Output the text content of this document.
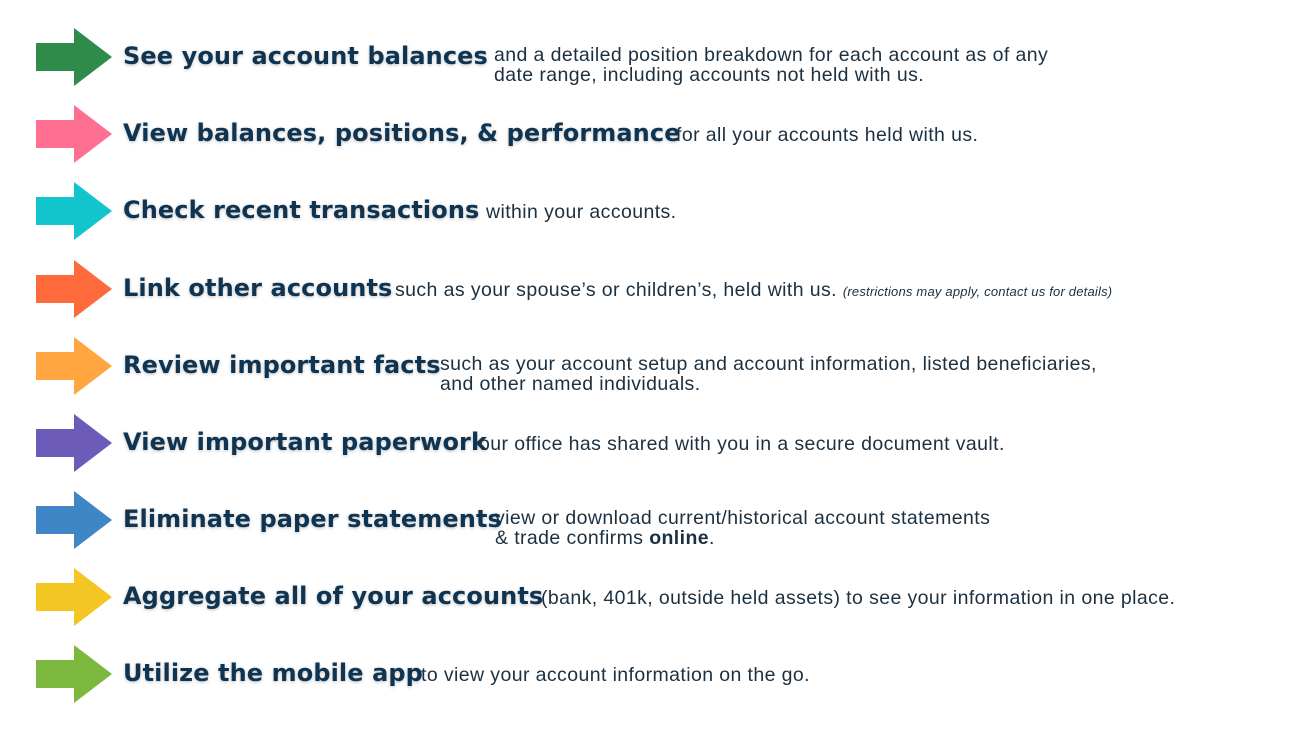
See your account balances and a detailed position breakdown for each account as of any
date range, including accounts not held with us.
View balances, positions, & performance
for all your accounts held with us.
Check recent transactions within your accounts.
Link other accounts such as your spouse’s or children’s, held with us. (restrictions may apply, contact us for details)
Review important facts such as your account setup and account information, listed beneficiaries,
and other named individuals.
View important paperwork
our office has shared with you in a secure document vault.
Eliminate paper statements
view or download current/historical account statements
& trade confirms online.
Aggregate all of your accounts
(bank, 401k, outside held assets) to see your information in one place.
Utilize the mobile app
to view your account information on the go.
